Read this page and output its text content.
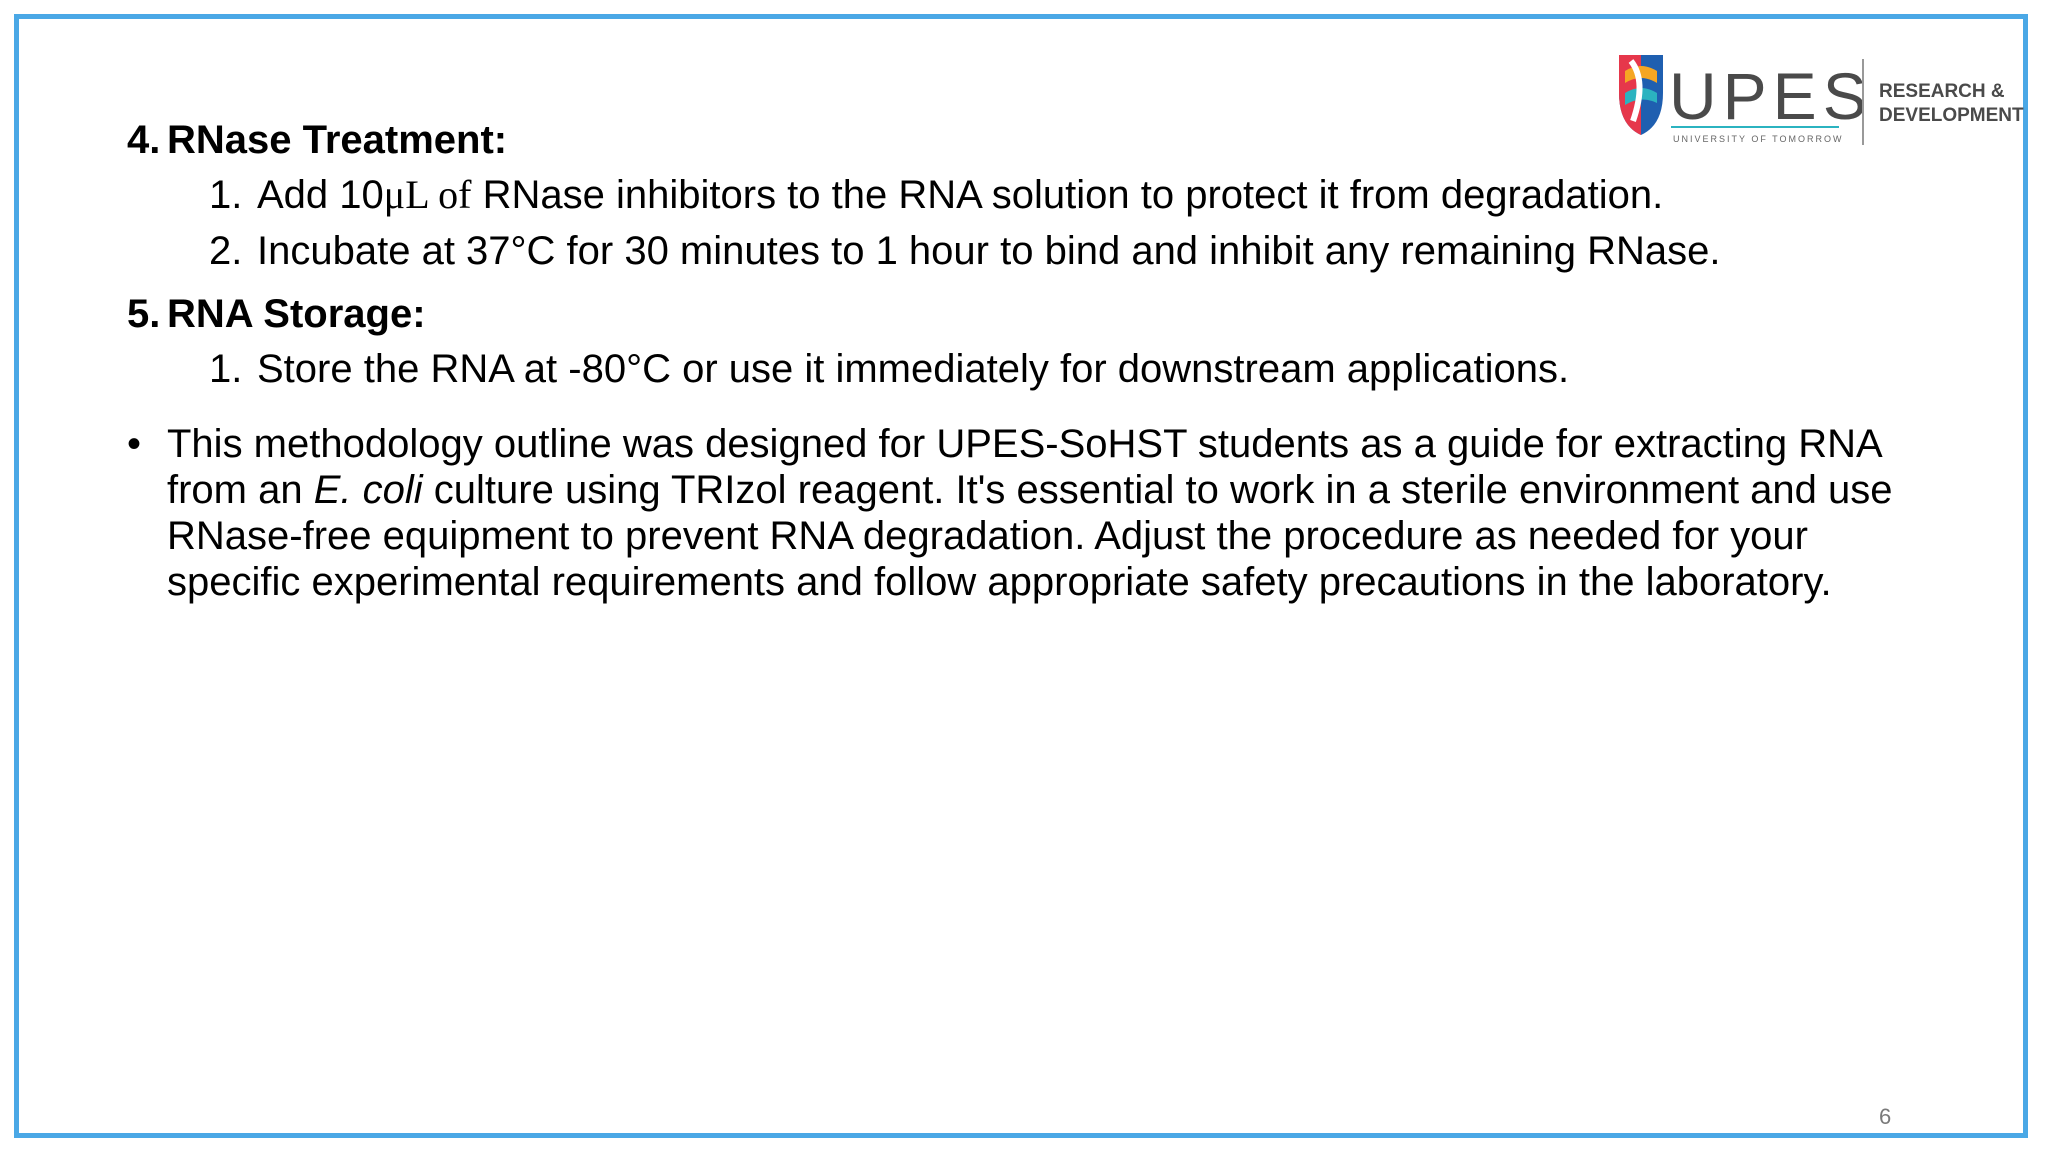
UPES
UNIVERSITY OF TOMORROW
RESEARCH &
DEVELOPMENT
4. RNase Treatment:
1. Add 10μL of RNase inhibitors to the RNA solution to protect it from degradation.
2. Incubate at 37°C for 30 minutes to 1 hour to bind and inhibit any remaining RNase.
5. RNA Storage:
1. Store the RNA at -80°C or use it immediately for downstream applications.
• This methodology outline was designed for UPES-SoHST students as a guide for extracting RNA from an E. coli culture using TRIzol reagent. It's essential to work in a sterile environment and use RNase-free equipment to prevent RNA degradation. Adjust the procedure as needed for your specific experimental requirements and follow appropriate safety precautions in the laboratory.
6
